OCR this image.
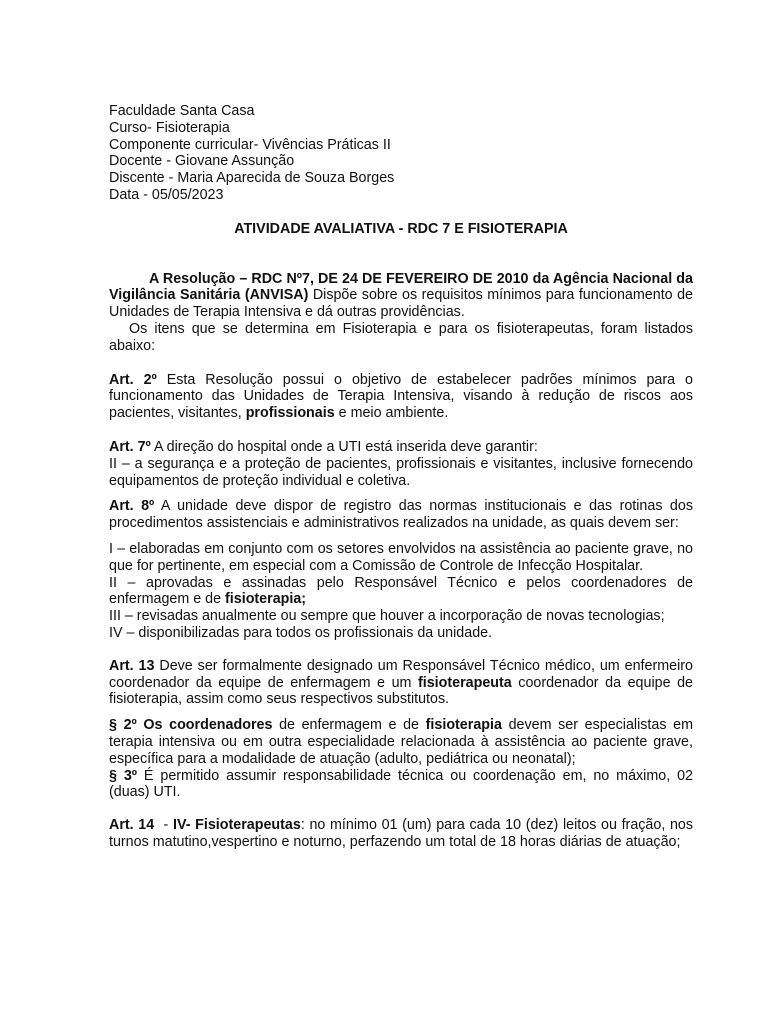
Faculdade Santa Casa
Curso- Fisioterapia
Componente curricular- Vivências Práticas II
Docente - Giovane Assunção
Discente - Maria Aparecida de Souza Borges
Data - 05/05/2023
ATIVIDADE AVALIATIVA - RDC 7 E FISIOTERAPIA

A Resolução – RDC Nº7, DE 24 DE FEVEREIRO DE 2010 da Agência Nacional da Vigilância Sanitária (ANVISA) Dispõe sobre os requisitos mínimos para funcionamento de Unidades de Terapia Intensiva e dá outras providências.

Os itens que se determina em Fisioterapia e para os fisioterapeutas, foram listados abaixo:

Art. 2º Esta Resolução possui o objetivo de estabelecer padrões mínimos para o funcionamento das Unidades de Terapia Intensiva, visando à redução de riscos aos pacientes, visitantes, profissionais e meio ambiente.

Art. 7º A direção do hospital onde a UTI está inserida deve garantir:

II – a segurança e a proteção de pacientes, profissionais e visitantes, inclusive fornecendo equipamentos de proteção individual e coletiva.

Art. 8º A unidade deve dispor de registro das normas institucionais e das rotinas dos procedimentos assistenciais e administrativos realizados na unidade, as quais devem ser:

I – elaboradas em conjunto com os setores envolvidos na assistência ao paciente grave, no que for pertinente, em especial com a Comissão de Controle de Infecção Hospitalar.

II – aprovadas e assinadas pelo Responsável Técnico e pelos coordenadores de enfermagem e de fisioterapia;

III – revisadas anualmente ou sempre que houver a incorporação de novas tecnologias;

IV – disponibilizadas para todos os profissionais da unidade.

Art. 13 Deve ser formalmente designado um Responsável Técnico médico, um enfermeiro coordenador da equipe de enfermagem e um fisioterapeuta coordenador da equipe de fisioterapia, assim como seus respectivos substitutos.

§ 2º Os coordenadores de enfermagem e de fisioterapia devem ser especialistas em terapia intensiva ou em outra especialidade relacionada à assistência ao paciente grave, específica para a modalidade de atuação (adulto, pediátrica ou neonatal);

§ 3º É permitido assumir responsabilidade técnica ou coordenação em, no máximo, 02 (duas) UTI.

Art. 14  - IV- Fisioterapeutas: no mínimo 01 (um) para cada 10 (dez) leitos ou fração, nos turnos matutino,vespertino e noturno, perfazendo um total de 18 horas diárias de atuação;
